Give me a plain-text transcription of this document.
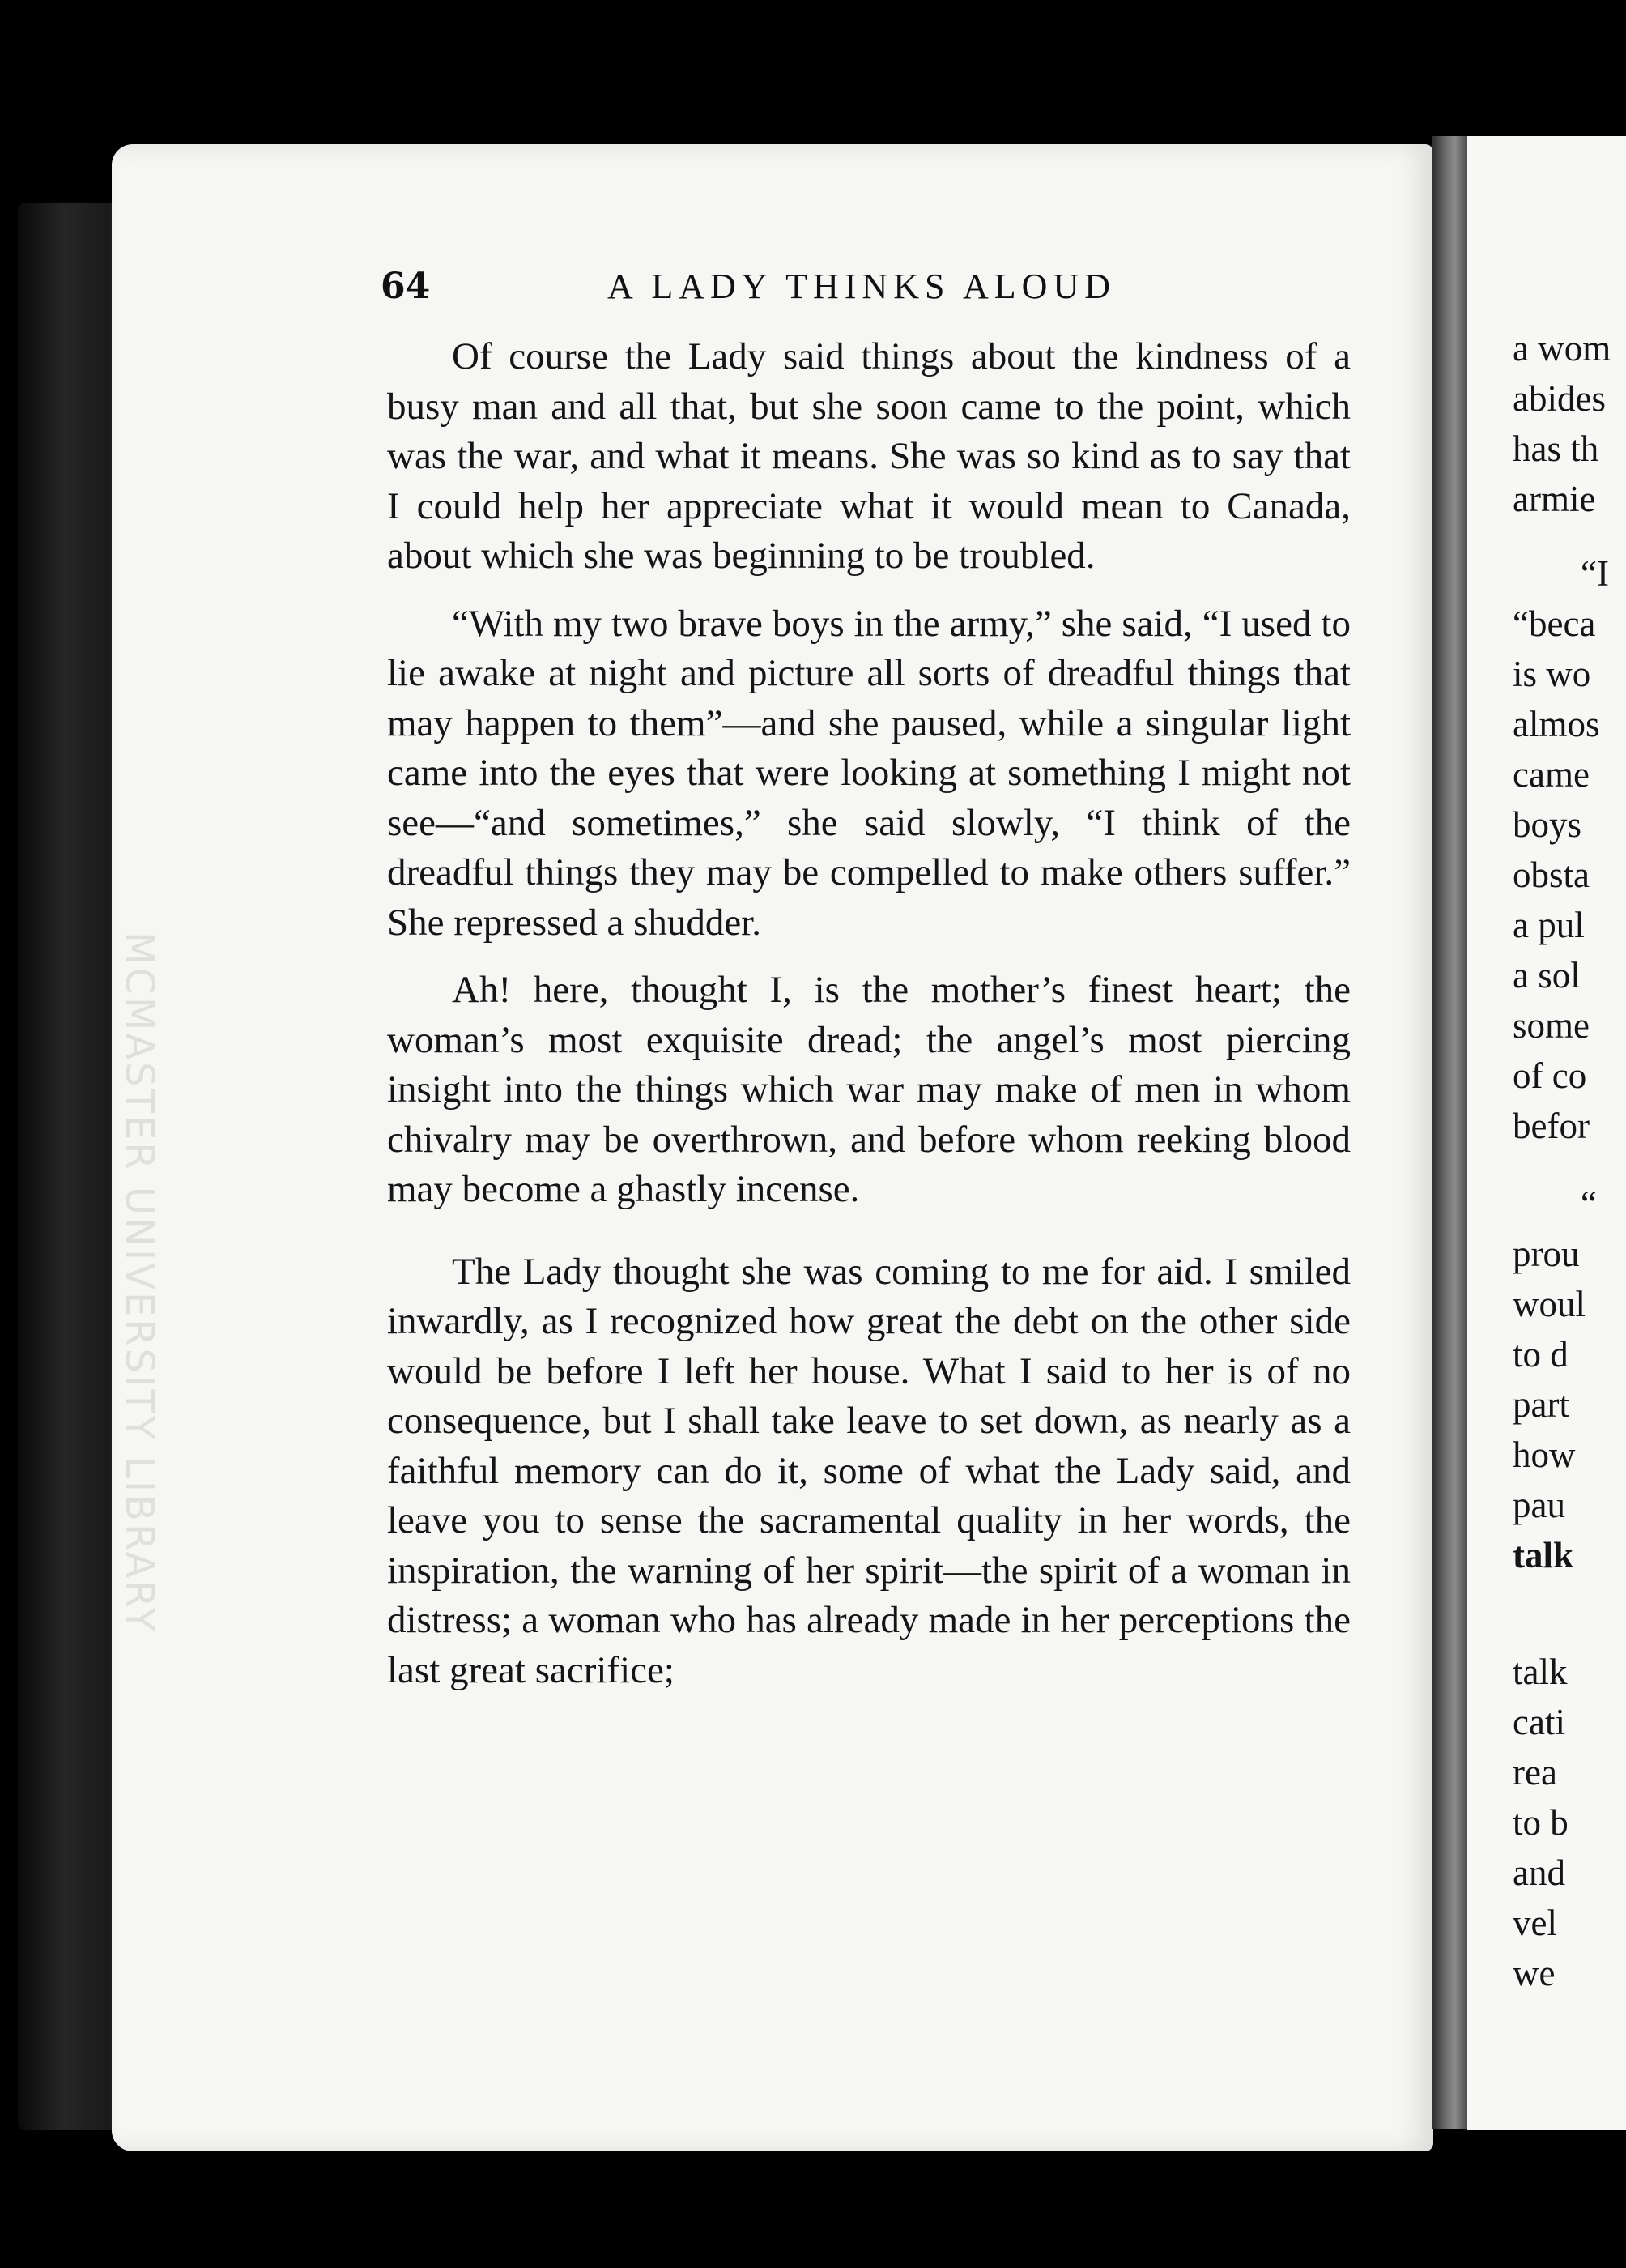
64	A LADY THINKS ALOUD

Of course the Lady said things about the kindness of a busy man and all that, but she soon came to the point, which was the war, and what it means. She was so kind as to say that I could help her appreciate what it would mean to Canada, about which she was beginning to be troubled.

“With my two brave boys in the army,” she said, “I used to lie awake at night and picture all sorts of dreadful things that may happen to them”—and she paused, while a singular light came into the eyes that were looking at something I might not see—“and sometimes,” she said slowly, “I think of the dreadful things they may be compelled to make others suffer.” She repressed a shudder.

Ah! here, thought I, is the mother’s finest heart; the woman’s most exquisite dread; the angel’s most piercing insight into the things which war may make of men in whom chivalry may be overthrown, and before whom reeking blood may become a ghastly incense.

The Lady thought she was coming to me for aid. I smiled inwardly, as I recognized how great the debt on the other side would be before I left her house. What I said to her is of no consequence, but I shall take leave to set down, as nearly as a faithful memory can do it, some of what the Lady said, and leave you to sense the sacramental quality in her words, the inspiration, the warning of her spirit—the spirit of a woman in distress; a woman who has already made in her perceptions the last great sacrifice;

a wom
abides
has th
armie
“I
“beca
is wo
almos
came
boys
obsta
a pul
a sol
some
of co
befor
“
prou
woul
to d
part
how
pau
talk
talk
cati
rea
to b
and
vel
we
